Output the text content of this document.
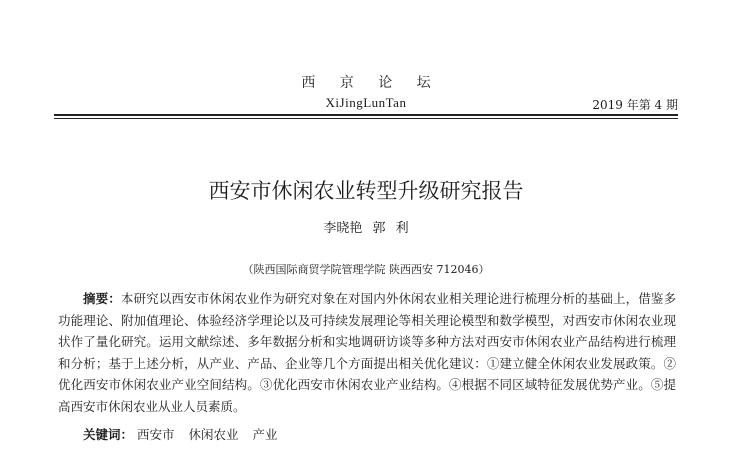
西 京 论 坛
XiJingLunTan	2019 年第 4 期
西安市休闲农业转型升级研究报告
李晓艳 郭 利
（陕西国际商贸学院管理学院 陕西西安 712046）

摘要：本研究以西安市休闲农业作为研究对象在对国内外休闲农业相关理论进行梳理分析的基础上，借鉴多功能理论、附加值理论、体验经济学理论以及可持续发展理论等相关理论模型和数学模型，对西安市休闲农业现状作了量化研究。运用文献综述、多年数据分析和实地调研访谈等多种方法对西安市休闲农业产品结构进行梳理和分析；基于上述分析，从产业、产品、企业等几个方面提出相关优化建议：①建立健全休闲农业发展政策。②优化西安市休闲农业产业空间结构。③优化西安市休闲农业产业结构。④根据不同区域特征发展优势产业。⑤提高西安市休闲农业从业人员素质。

关键词： 西安市 休闲农业 产业
